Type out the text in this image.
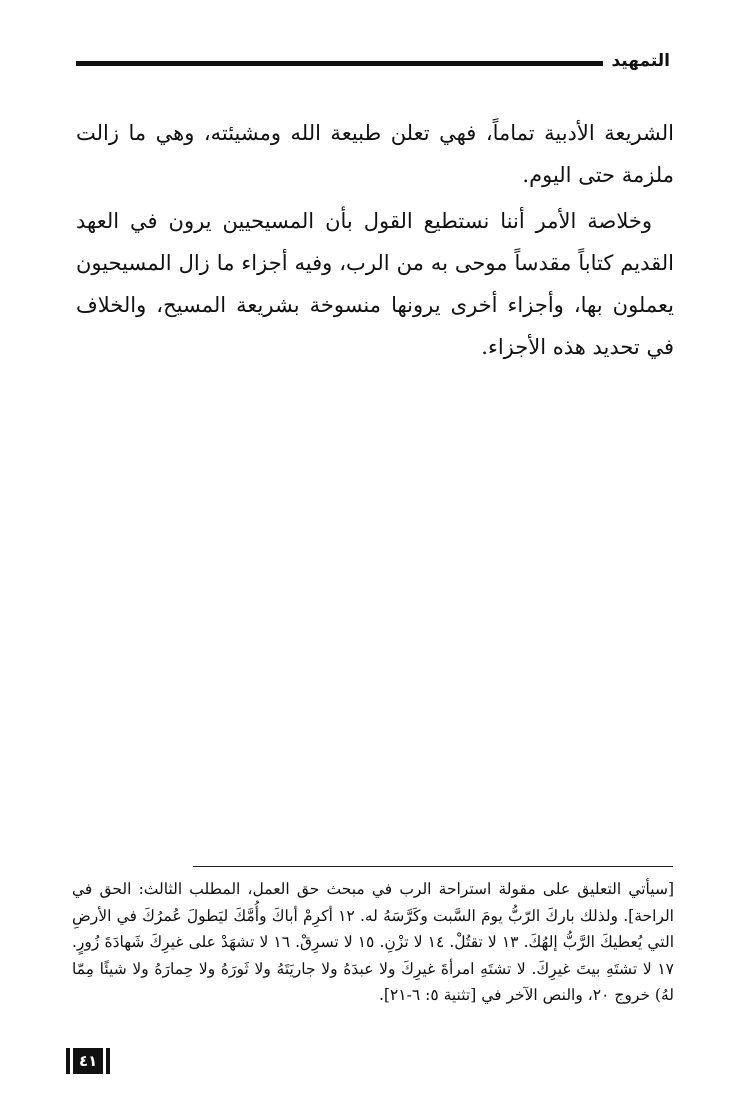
التمهيد

الشريعة الأدبية تماماً، فهي تعلن طبيعة الله ومشيئته، وهي ما زالت ملزمة حتى اليوم.

وخلاصة الأمر أننا نستطيع القول بأن المسيحيين يرون في العهد القديم كتاباً مقدساً موحى به من الرب، وفيه أجزاء ما زال المسيحيون يعملون بها، وأجزاء أخرى يرونها منسوخة بشريعة المسيح، والخلاف في تحديد هذه الأجزاء.

[سيأتي التعليق على مقولة استراحة الرب في مبحث حق العمل، المطلب الثالث: الحق في الراحة]. ولذلك باركَ الرّبُّ يومَ السَّبت وكَرَّسَهُ له. ١٢ أكرِمْ أباكَ وأُمَّكَ ليَطولَ عُمرُكَ في الأرضِ التي يُعطيكَ الرَّبُّ إلهُكَ. ١٣ لا تقتُلْ. ١٤ لا تزْنِ. ١٥ لا تسرِقْ. ١٦ لا تشهَدْ على غيرِكَ شَهادَةَ زُورٍ. ١٧ لا تشتَهِ بيتَ غيرِكَ. لا تشتَهِ امرأةَ غيرِكَ ولا عبدَهُ ولا جاريَتَهُ ولا ثَورَهُ ولا حِمارَهُ ولا شيئًا مِمّا لهُ) خروج ٢٠، والنص الآخر في [تثنية ٥: ٦-٢١].

٤١
